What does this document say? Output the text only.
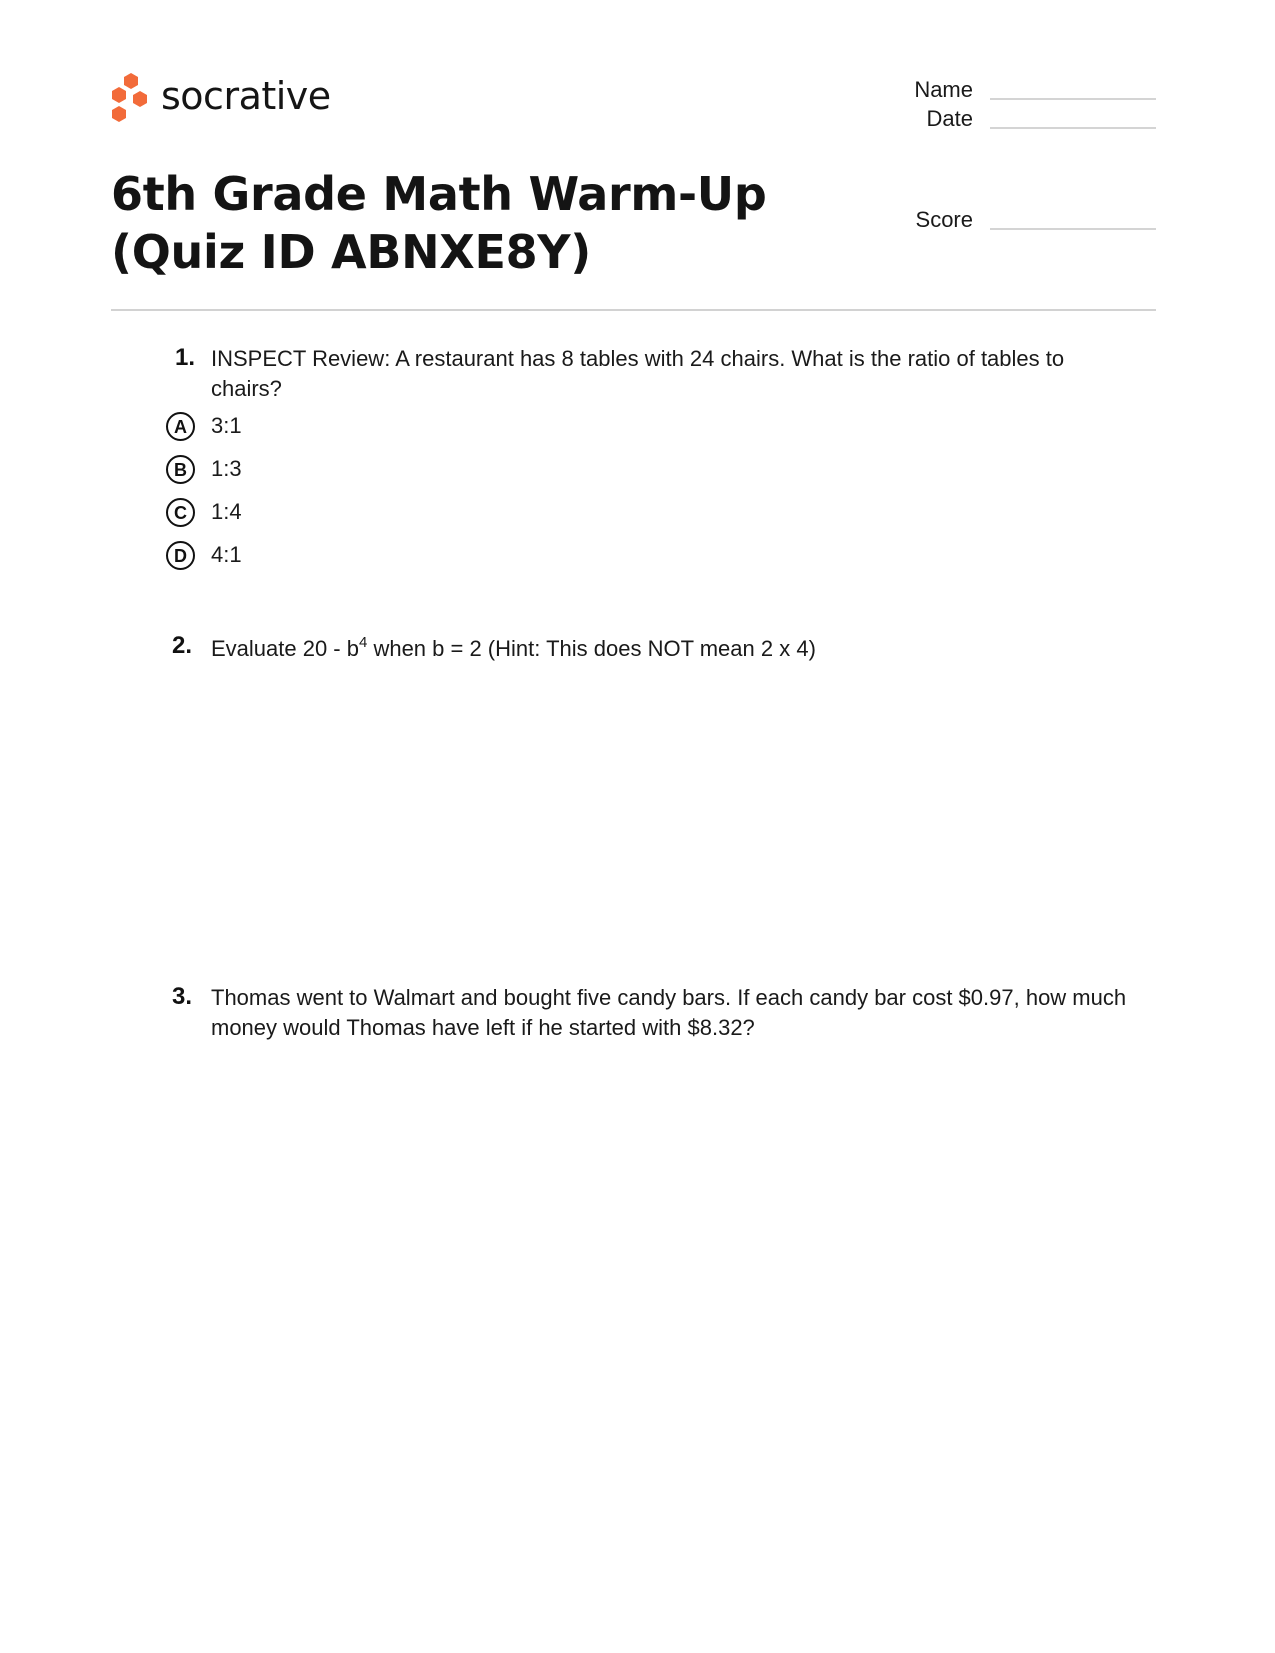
socrative	Name
Date
Score
6th Grade Math Warm-Up (Quiz ID ABNXE8Y)
1. INSPECT Review: A restaurant has 8 tables with 24 chairs. What is the ratio of tables to chairs?
A	3:1
B	1:3
C	1:4
D	4:1
2. Evaluate $20 - b^4$ when b = 2 (Hint: This does NOT mean 2 x 4)
3. Thomas went to Walmart and bought five candy bars. If each candy bar cost $0.97, how much money would Thomas have left if he started with $8.32?
